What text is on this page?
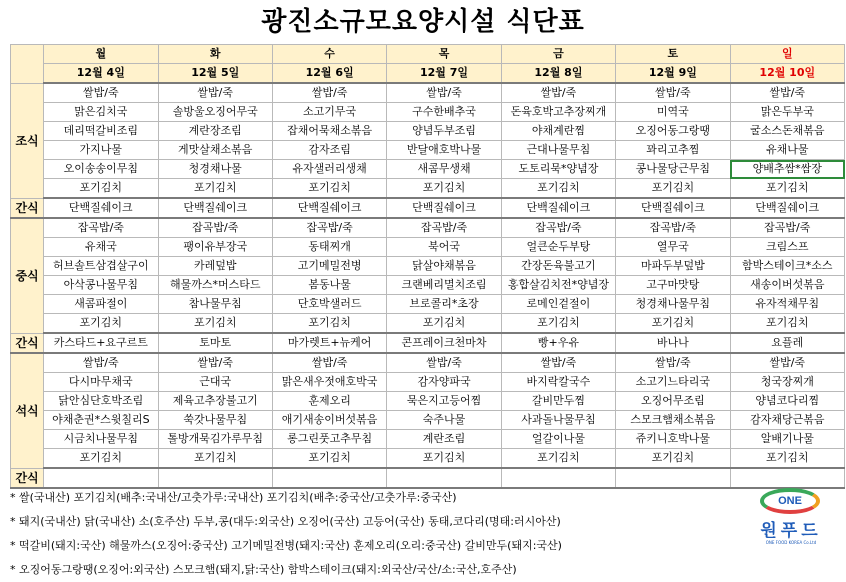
광진소규모요양시설 식단표
	월	화	수	목	금	토	일
	12월 4일	12월 5일	12월 6일	12월 7일	12월 8일	12월 9일	12월 10일
조식	쌀밥/죽	쌀밥/죽	쌀밥/죽	쌀밥/죽	쌀밥/죽	쌀밥/죽	쌀밥/죽
	맑은김치국	솔방울오징어무국	소고기무국	구수한배추국	돈육호박고추장찌개	미역국	맑은두부국
	데리떡갈비조림	계란장조림	잡채어묵채소볶음	양념두부조림	야채계란찜	오징어동그랑땡	굴소스돈채볶음
	가지나물	게맛살채소볶음	감자조림	반달애호박나물	근대나물무침	꽈리고추찜	유채나물
	오이송송이무침	청경채나물	유자샐러리생채	새콤무생채	도토리묵*양념장	콩나물당근무침	양배추쌈*쌈장
	포기김치	포기김치	포기김치	포기김치	포기김치	포기김치	포기김치
간식	단백질쉐이크	단백질쉐이크	단백질쉐이크	단백질쉐이크	단백질쉐이크	단백질쉐이크	단백질쉐이크
중식	잡곡밥/죽	잡곡밥/죽	잡곡밥/죽	잡곡밥/죽	잡곡밥/죽	잡곡밥/죽	잡곡밥/죽
	유채국	팽이유부장국	동태찌개	북어국	얼큰순두부탕	열무국	크림스프
	허브솔트삼겹살구이	카레덮밥	고기메밀전병	닭살야채볶음	간장돈육불고기	마파두부덮밥	함박스테이크*소스
	아삭콩나물무침	해물까스*머스타드	봄동나물	크랜베리멸치조림	홍합살김치전*양념장	고구마맛탕	새송이버섯볶음
	새콤파절이	참나물무침	단호박샐러드	브로콜리*초장	로메인겉절이	청경채나물무침	유자적채무침
	포기김치	포기김치	포기김치	포기김치	포기김치	포기김치	포기김치
간식	카스타드+요구르트	토마토	마가렛트+뉴케어	콘프레이크천마차	빵+우유	바나나	요플레
석식	쌀밥/죽	쌀밥/죽	쌀밥/죽	쌀밥/죽	쌀밥/죽	쌀밥/죽	쌀밥/죽
	다시마무채국	근대국	맑은새우젓애호박국	감자양파국	바지락칼국수	소고기느타리국	청국장찌개
	닭안심단호박조림	제육고추장불고기	훈제오리	묵은지고등어찜	갈비만두찜	오징어무조림	양념코다리찜
	야채춘권*스윗칠리S	쑥갓나물무침	애기새송이버섯볶음	숙주나물	사과돌나물무침	스모크햄채소볶음	감자채당근볶음
	시금치나물무침	톨방개묵김가루무침	롱그린풋고추무침	계란조림	얼갈이나물	쥬키니호박나물	알배기나물
	포기김치	포기김치	포기김치	포기김치	포기김치	포기김치	포기김치
간식							
* 쌀(국내산) 포기김치(배추:국내산/고춧가루:국내산) 포기김치(배추:중국산/고춧가루:중국산)
* 돼지(국내산) 닭(국내산) 소(호주산) 두부,콩(대두:외국산) 오징어(국산) 고등어(국산) 동태,코다리(명태:러시아산)
* 떡갈비(돼지:국산) 해물까스(오징어:중국산) 고기메밀전병(돼지:국산) 훈제오리(오리:중국산) 갈비만두(돼지:국산)
* 오징어동그랑땡(오징어:외국산) 스모크햄(돼지,닭:국산) 함박스테이크(돼지:외국산/국산/소:국산,호주산)
ONE
원푸드
ONE FOOD KOREA Co.Ltd
